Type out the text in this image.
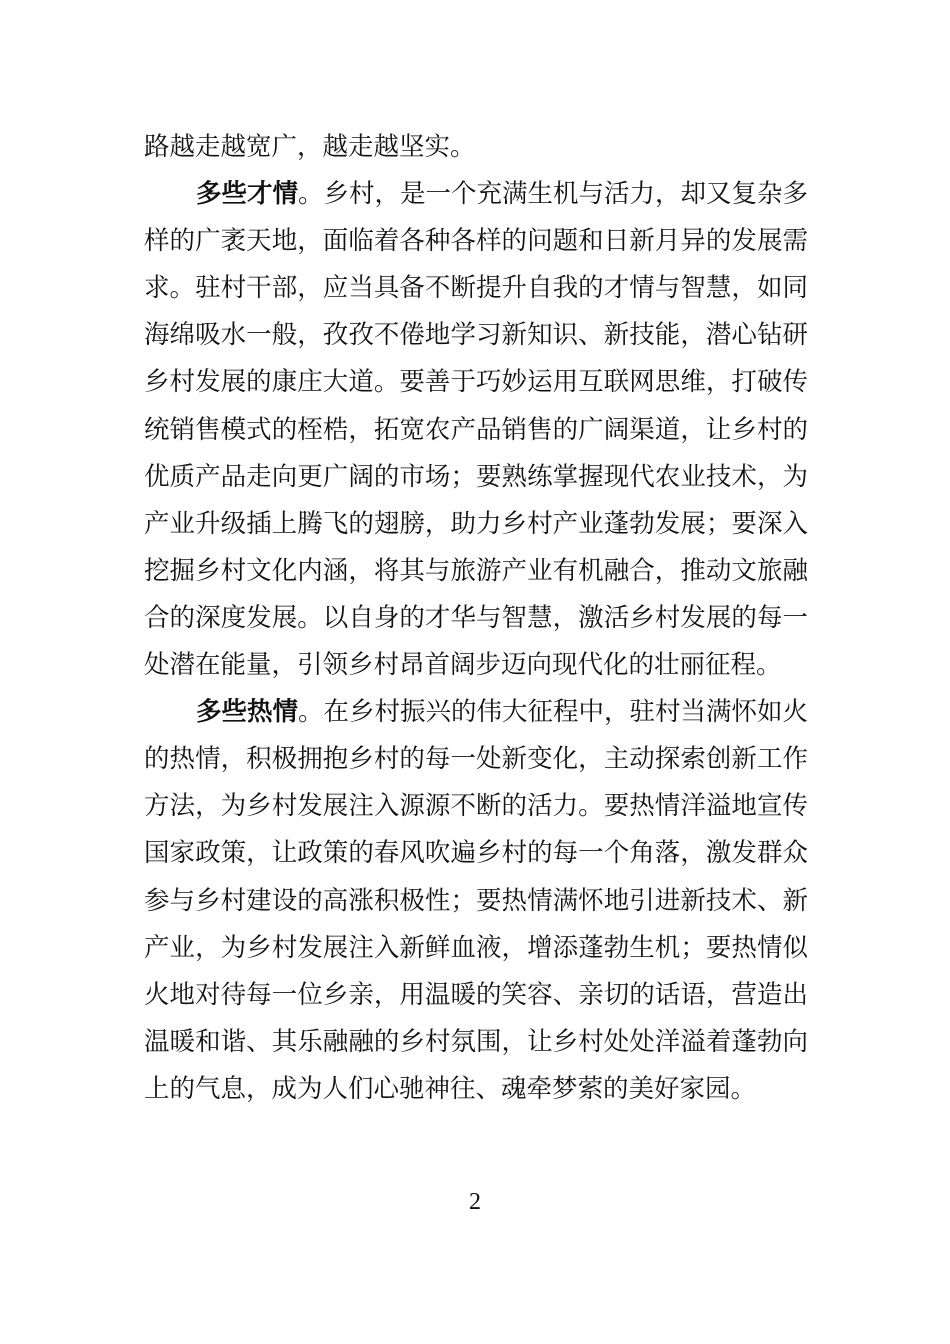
路越走越宽广，越走越坚实。
多些才情。乡村，是一个充满生机与活力，却又复杂多
样的广袤天地，面临着各种各样的问题和日新月异的发展需
求。驻村干部，应当具备不断提升自我的才情与智慧，如同
海绵吸水一般，孜孜不倦地学习新知识、新技能，潜心钻研
乡村发展的康庄大道。要善于巧妙运用互联网思维，打破传
统销售模式的桎梏，拓宽农产品销售的广阔渠道，让乡村的
优质产品走向更广阔的市场；要熟练掌握现代农业技术，为
产业升级插上腾飞的翅膀，助力乡村产业蓬勃发展；要深入
挖掘乡村文化内涵，将其与旅游产业有机融合，推动文旅融
合的深度发展。以自身的才华与智慧，激活乡村发展的每一
处潜在能量，引领乡村昂首阔步迈向现代化的壮丽征程。
多些热情。在乡村振兴的伟大征程中，驻村当满怀如火
的热情，积极拥抱乡村的每一处新变化，主动探索创新工作
方法，为乡村发展注入源源不断的活力。要热情洋溢地宣传
国家政策，让政策的春风吹遍乡村的每一个角落，激发群众
参与乡村建设的高涨积极性；要热情满怀地引进新技术、新
产业，为乡村发展注入新鲜血液，增添蓬勃生机；要热情似
火地对待每一位乡亲，用温暖的笑容、亲切的话语，营造出
温暖和谐、其乐融融的乡村氛围，让乡村处处洋溢着蓬勃向
上的气息，成为人们心驰神往、魂牵梦萦的美好家园。
2
